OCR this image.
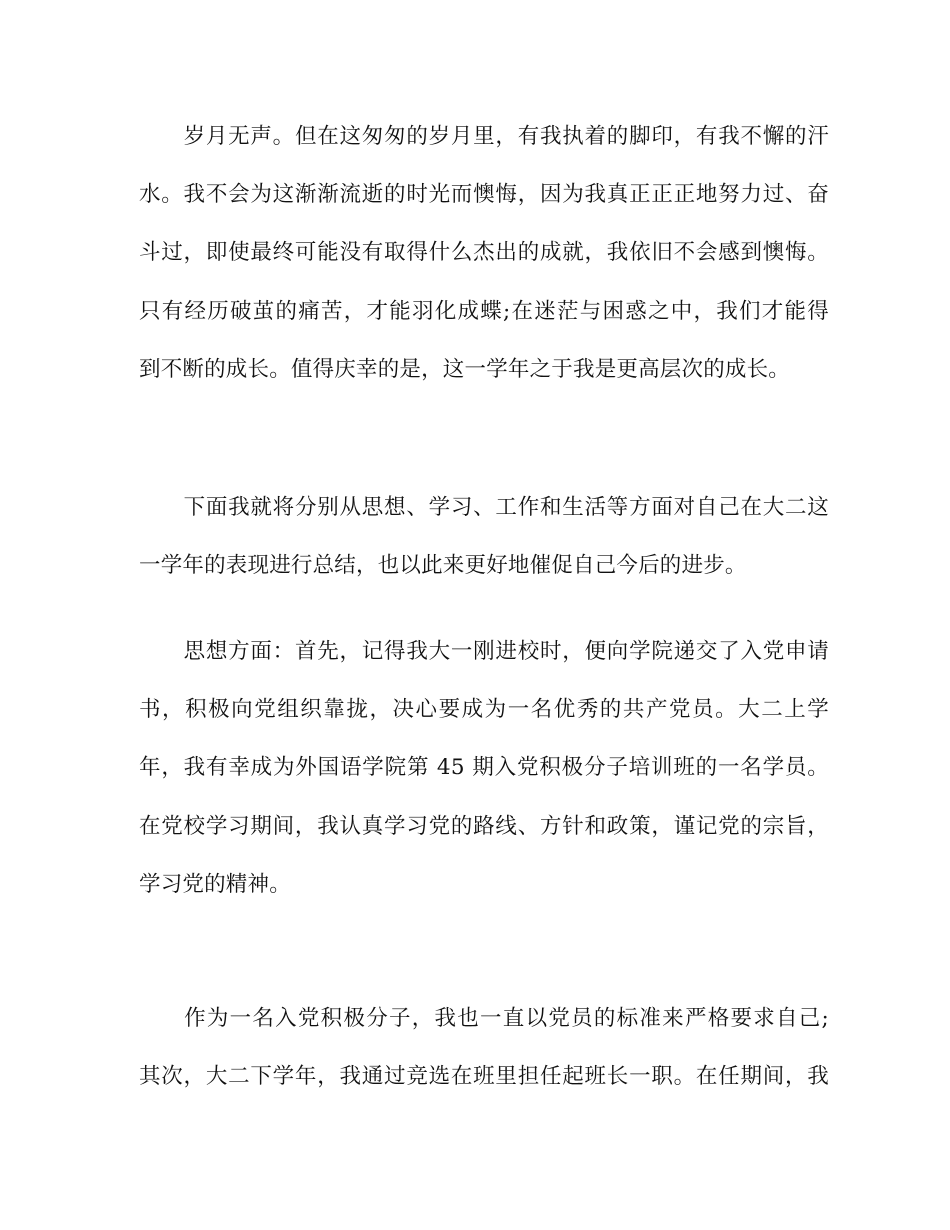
岁月无声。但在这匆匆的岁月里，有我执着的脚印，有我不懈的汗
水。我不会为这渐渐流逝的时光而懊悔，因为我真正正正地努力过、奋
斗过，即使最终可能没有取得什么杰出的成就，我依旧不会感到懊悔。
只有经历破茧的痛苦，才能羽化成蝶;在迷茫与困惑之中，我们才能得
到不断的成长。值得庆幸的是，这一学年之于我是更高层次的成长。
下面我就将分别从思想、学习、工作和生活等方面对自己在大二这
一学年的表现进行总结，也以此来更好地催促自己今后的进步。
思想方面：首先，记得我大一刚进校时，便向学院递交了入党申请
书，积极向党组织靠拢，决心要成为一名优秀的共产党员。大二上学
年，我有幸成为外国语学院第 45 期入党积极分子培训班的一名学员。
在党校学习期间，我认真学习党的路线、方针和政策，谨记党的宗旨，
学习党的精神。
作为一名入党积极分子，我也一直以党员的标准来严格要求自己;
其次，大二下学年，我通过竞选在班里担任起班长一职。在任期间，我
